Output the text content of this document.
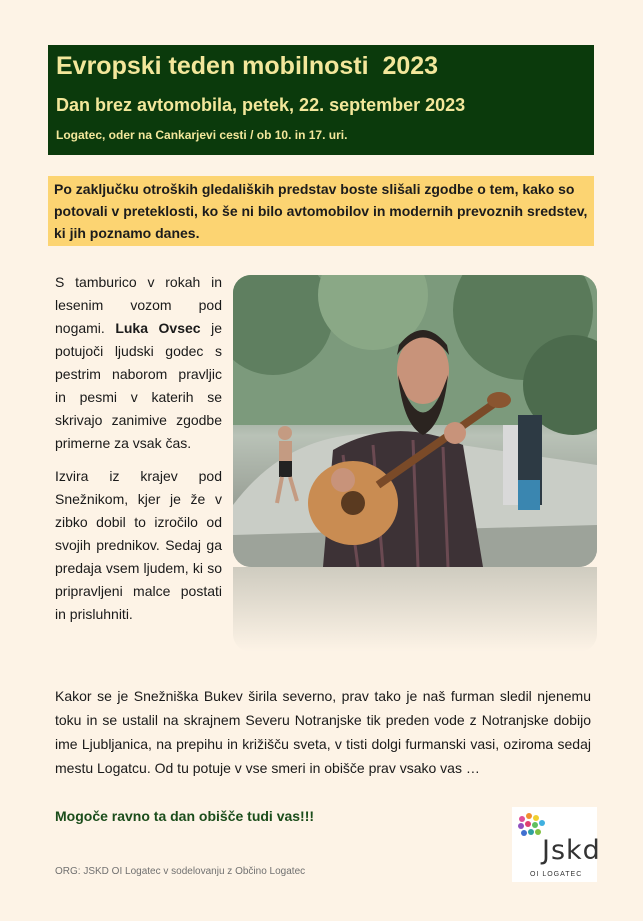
Evropski teden mobilnosti  2023
Dan brez avtomobila, petek, 22. september 2023
Logatec, oder na Cankarjevi cesti / ob 10. in 17. uri.
Po zaključku otroških gledaliških predstav boste slišali zgodbe o tem, kako so potovali v preteklosti, ko še ni bilo avtomobilov in modernih prevoznih sredstev, ki jih poznamo danes.

S tamburico v rokah in lesenim vozom pod nogami. Luka Ovsec je potujoči ljudski godec s pestrim naborom pravljic in pesmi v katerih se skrivajo zanimive zgodbe primerne za vsak čas.

Izvira iz krajev pod Snežnikom, kjer je že v zibko dobil to izročilo od svojih prednikov. Sedaj ga predaja vsem ljudem, ki so pripravljeni malce postati in prisluhniti.

Kakor se je Snežniška Bukev širila severno, prav tako je naš furman sledil njenemu toku in se ustalil na skrajnem Severu Notranjske tik preden vode z Notranjske dobijo ime Ljubljanica, na prepihu in križišču sveta, v tisti dolgi furmanski vasi, oziroma sedaj mestu Logatcu. Od tu potuje v vse smeri in obišče prav vsako vas …
Mogoče ravno ta dan obišče tudi vas!!!
Jskd
OI LOGATEC
ORG: JSKD OI Logatec v sodelovanju z Občino Logatec
